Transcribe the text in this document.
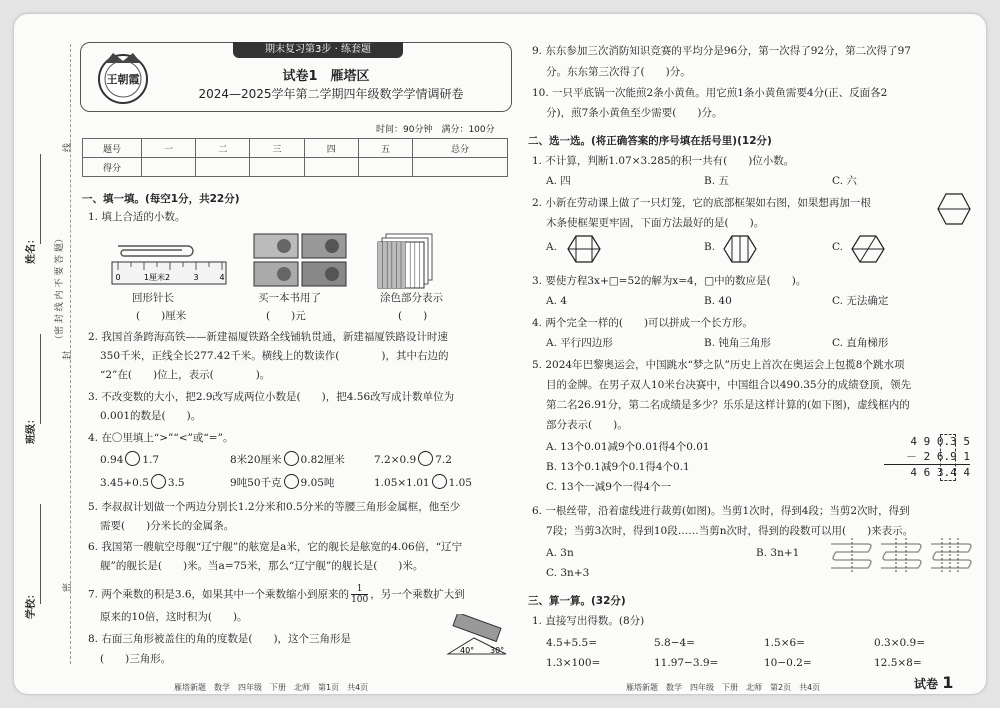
姓名：
班级：
学校：
（密 封 线 内 不 要 答 题）
线
封
密
期末复习第3步 · 练套题
王朝霞	试卷1　雁塔区
2024—2025学年第二学期四年级数学学情调研卷
时间：90分钟　满分：100分
题号	一	二	三	四	五	总分
得分						
一、填一填。(每空1分，共22分)
1. 填上合适的小数。
0	1厘米2	3	4
回形针长	买一本书用了	涂色部分表示
(　　)厘米	(　　)元	(　　)
2. 我国首条跨海高铁——新建福厦铁路全线铺轨贯通，新建福厦铁路设计时速
350千米，正线全长277.42千米。横线上的数读作(　　　　)，其中右边的
“2”在(　　)位上，表示(　　　　)。
3. 不改变数的大小，把2.9改写成两位小数是(　　)，把4.56改写成计数单位为
0.001的数是(　　)。
4. 在〇里填上“>”“<”或“=”。
0.94 1.7	8米20厘米 0.82厘米	7.2×0.9 7.2
3.45+0.5 3.5	9吨50千克 9.05吨	1.05×1.01 1.05
5. 李叔叔计划做一个两边分别长1.2分米和0.5分米的等腰三角形金属框，他至少
需要(　　)分米长的金属条。
6. 我国第一艘航空母舰“辽宁舰”的舷宽是a米，它的舰长是舷宽的4.06倍，“辽宁
舰”的舰长是(　　)米。当a=75米，那么“辽宁舰”的舰长是(　　)米。
7. 两个乘数的积是3.6，如果其中一个乘数缩小到原来的 $\frac{1}{100}$ ，另一个乘数扩大到
原来的10倍，这时积为(　　)。
8. 右面三角形被盖住的角的度数是(　　)，这个三角形是
(　　)三角形。
40° 30°
9. 东东参加三次消防知识竞赛的平均分是96分，第一次得了92分，第二次得了97
分。东东第三次得了(　　)分。
10. 一只平底锅一次能煎2条小黄鱼。用它煎1条小黄鱼需要4分(正、反面各2
分)，煎7条小黄鱼至少需要(　　)分。
二、选一选。(将正确答案的序号填在括号里)(12分)
1. 不计算，判断1.07×3.285的积一共有(　　)位小数。
A. 四	B. 五	C. 六
2. 小新在劳动课上做了一只灯笼，它的底部框架如右图，如果想再加一根
木条使框架更牢固，下面方法最好的是(　　)。
A.	B.	C.
3. 要使方程3x+□=52的解为x=4，□中的数应是(　　)。
A. 4	B. 40	C. 无法确定
4. 两个完全一样的(　　)可以拼成一个长方形。
A. 平行四边形	B. 钝角三角形	C. 直角梯形
5. 2024年巴黎奥运会，中国跳水“梦之队”历史上首次在奥运会上包揽8个跳水项
目的金牌。在男子双人10米台决赛中，中国组合以490.35分的成绩登顶，领先
第二名26.91分，第二名成绩是多少？乐乐是这样计算的(如下图)，虚线框内的
部分表示(　　)。
A. 13个0.01减9个0.01得4个0.01
B. 13个0.1减9个0.1得4个0.1
C. 13个一减9个一得4个一
4 9 0.3 5
－ 2 6.9 1
4 6 3.4 4
6. 一根丝带，沿着虚线进行裁剪(如图)。当剪1次时，得到4段；当剪2次时，得到
7段；当剪3次时，得到10段……当剪n次时，得到的段数可以用(　　)来表示。
A. 3n	B. 3n+1
C. 3n+3
三、算一算。(32分)
1. 直接写出得数。(8分)
4.5+5.5=	5.8−4=	1.5×6=	0.3×0.9=
1.3×100=	11.97−3.9=	10−0.2=	12.5×8=
雁塔新题　数学　四年级　下册　北师　第1页　共4页	雁塔新题　数学　四年级　下册　北师　第2页　共4页	试卷 1
